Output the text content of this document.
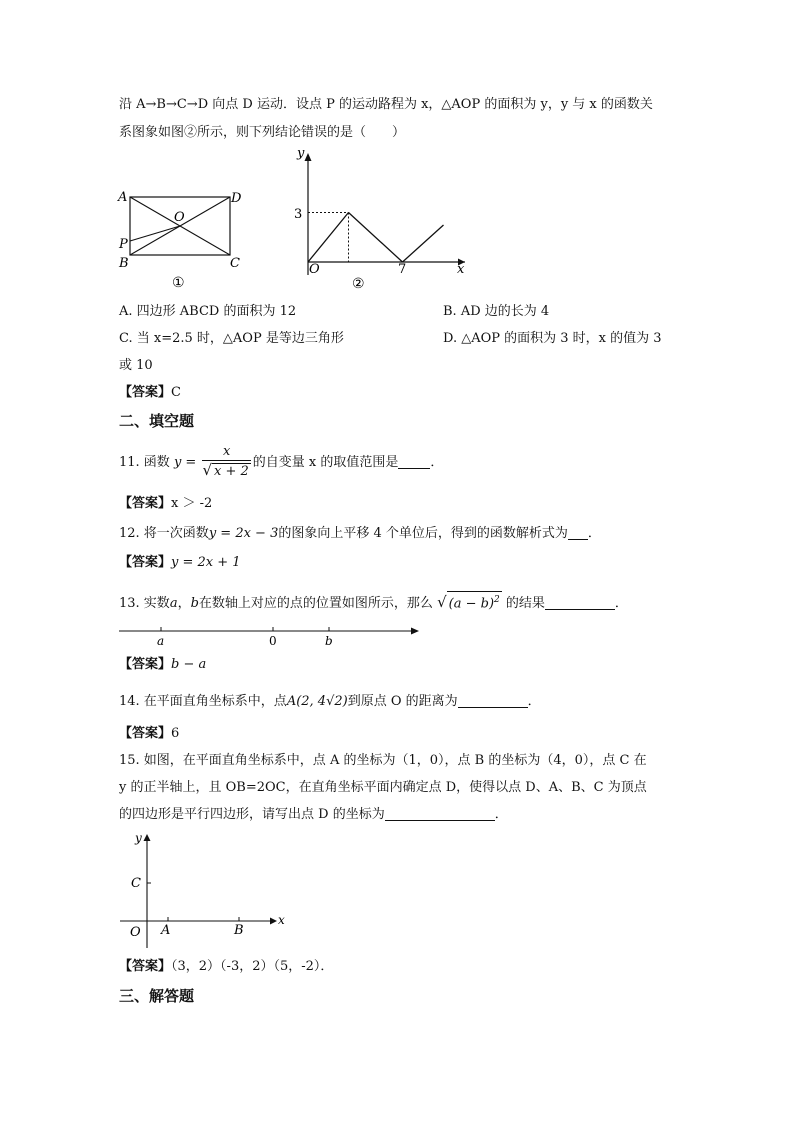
沿 A→B→C→D 向点 D 运动．设点 P 的运动路程为 x，△AOP 的面积为 y，y 与 x 的函数关
系图象如图②所示，则下列结论错误的是（　　）
A	D
P
B	C
O
①
y
x
O
3
7
②
A. 四边形 ABCD 的面积为 12	B. AD 边的长为 4
C. 当 x=2.5 时，△AOP 是等边三角形	D. △AOP 的面积为 3 时，x 的值为 3
或 10
【答案】C
二、填空题
11. 函数 $y = \frac{x}{√ x + 2}$ 的自变量 x 的取值范围是 ．
【答案】x ＞ -2
12. 将一次函数y = 2x − 3的图象向上平移 4 个单位后，得到的函数解析式为 ．
【答案】y = 2x + 1
13. 实数a，b在数轴上对应的点的位置如图所示，那么 √ $(a - b)^2$ 的结果	．
a	0	b
【答案】b − a
14. 在平面直角坐标系中，点A(2, 4√2)到原点 O 的距离为	．
【答案】6
15. 如图，在平面直角坐标系中，点 A 的坐标为（1，0），点 B 的坐标为（4，0），点 C 在
y 的正半轴上，且 OB=2OC，在直角坐标平面内确定点 D，使得以点 D、A、B、C 为顶点
的四边形是平行四边形，请写出点 D 的坐标为	．
y
x
C
O A	B
【答案】（3，2）（-3，2）（5，-2）．
三、解答题
